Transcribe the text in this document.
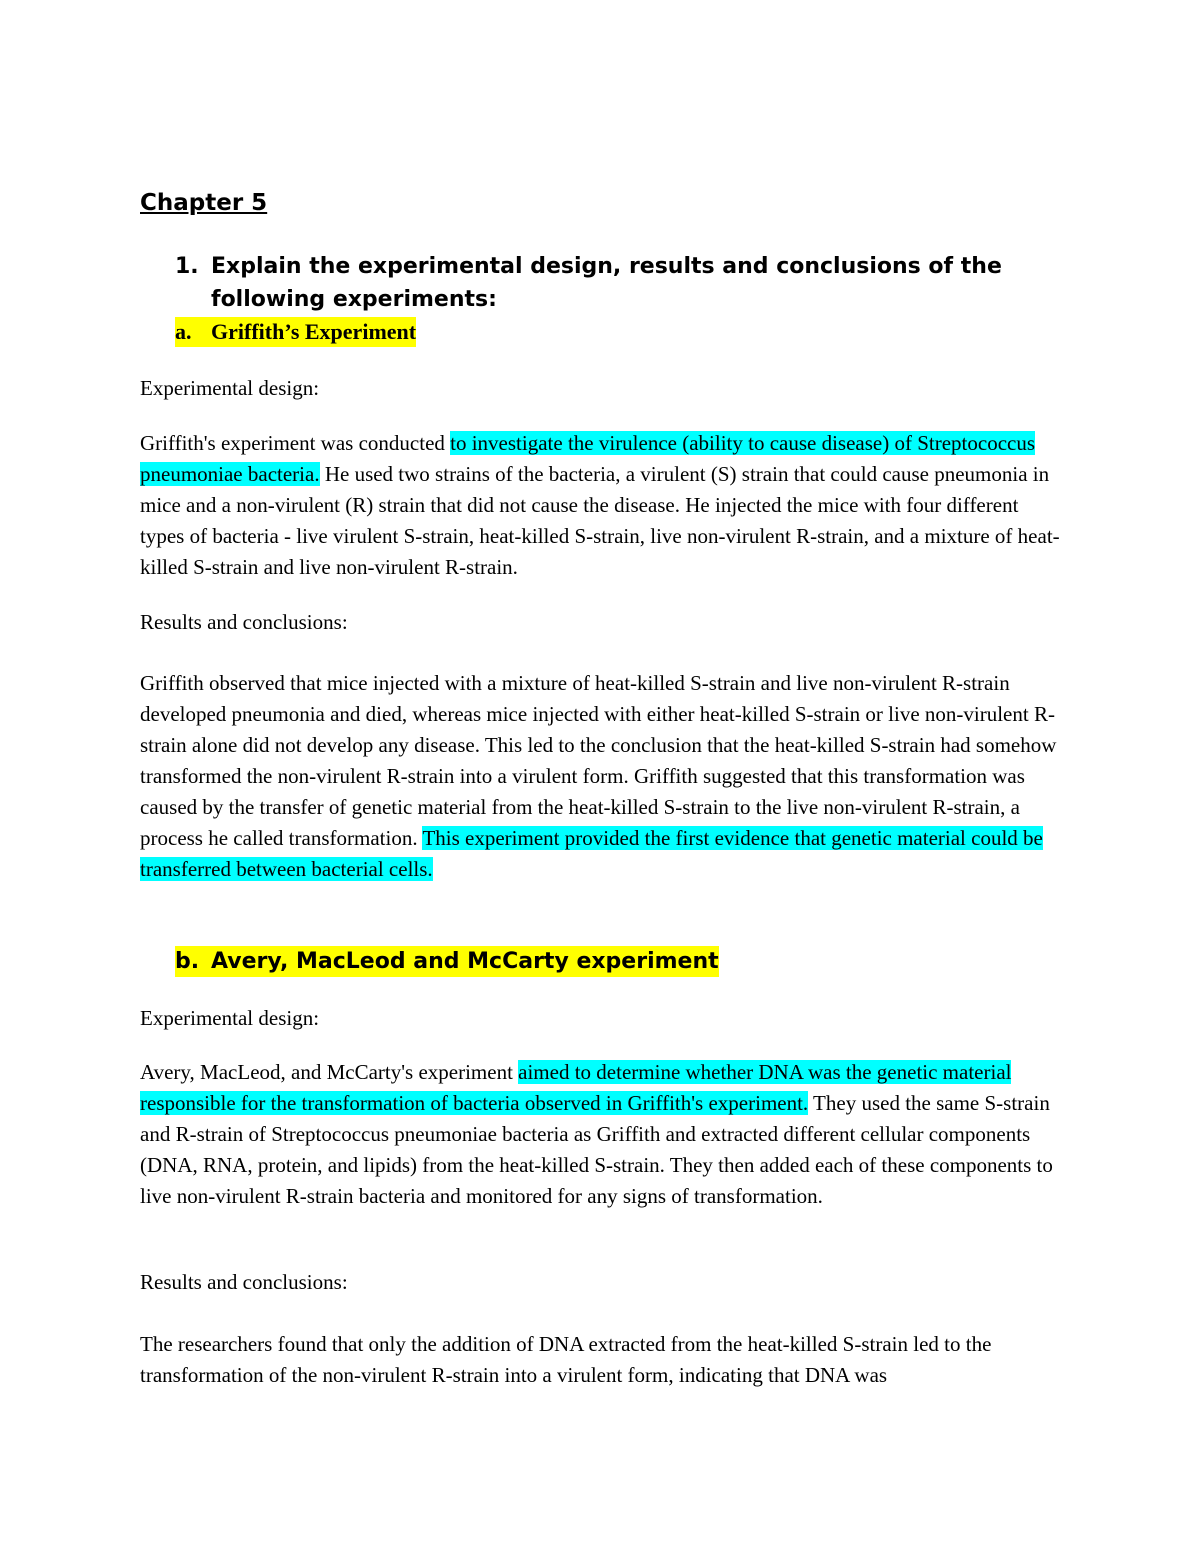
Chapter 5
1. Explain the experimental design, results and conclusions of the following experiments:
a. Griffith’s Experiment
Experimental design:
Griffith's experiment was conducted to investigate the virulence (ability to cause disease) of Streptococcus pneumoniae bacteria. He used two strains of the bacteria, a virulent (S) strain that could cause pneumonia in mice and a non-virulent (R) strain that did not cause the disease. He injected the mice with four different types of bacteria - live virulent S-strain, heat-killed S-strain, live non-virulent R-strain, and a mixture of heat-killed S-strain and live non-virulent R-strain.
Results and conclusions:
Griffith observed that mice injected with a mixture of heat-killed S-strain and live non-virulent R-strain developed pneumonia and died, whereas mice injected with either heat-killed S-strain or live non-virulent R-strain alone did not develop any disease. This led to the conclusion that the heat-killed S-strain had somehow transformed the non-virulent R-strain into a virulent form. Griffith suggested that this transformation was caused by the transfer of genetic material from the heat-killed S-strain to the live non-virulent R-strain, a process he called transformation. This experiment provided the first evidence that genetic material could be transferred between bacterial cells.
b. Avery, MacLeod and McCarty experiment
Experimental design:
Avery, MacLeod, and McCarty's experiment aimed to determine whether DNA was the genetic material responsible for the transformation of bacteria observed in Griffith's experiment. They used the same S-strain and R-strain of Streptococcus pneumoniae bacteria as Griffith and extracted different cellular components (DNA, RNA, protein, and lipids) from the heat-killed S-strain. They then added each of these components to live non-virulent R-strain bacteria and monitored for any signs of transformation.
Results and conclusions:
The researchers found that only the addition of DNA extracted from the heat-killed S-strain led to the transformation of the non-virulent R-strain into a virulent form, indicating that DNA was
